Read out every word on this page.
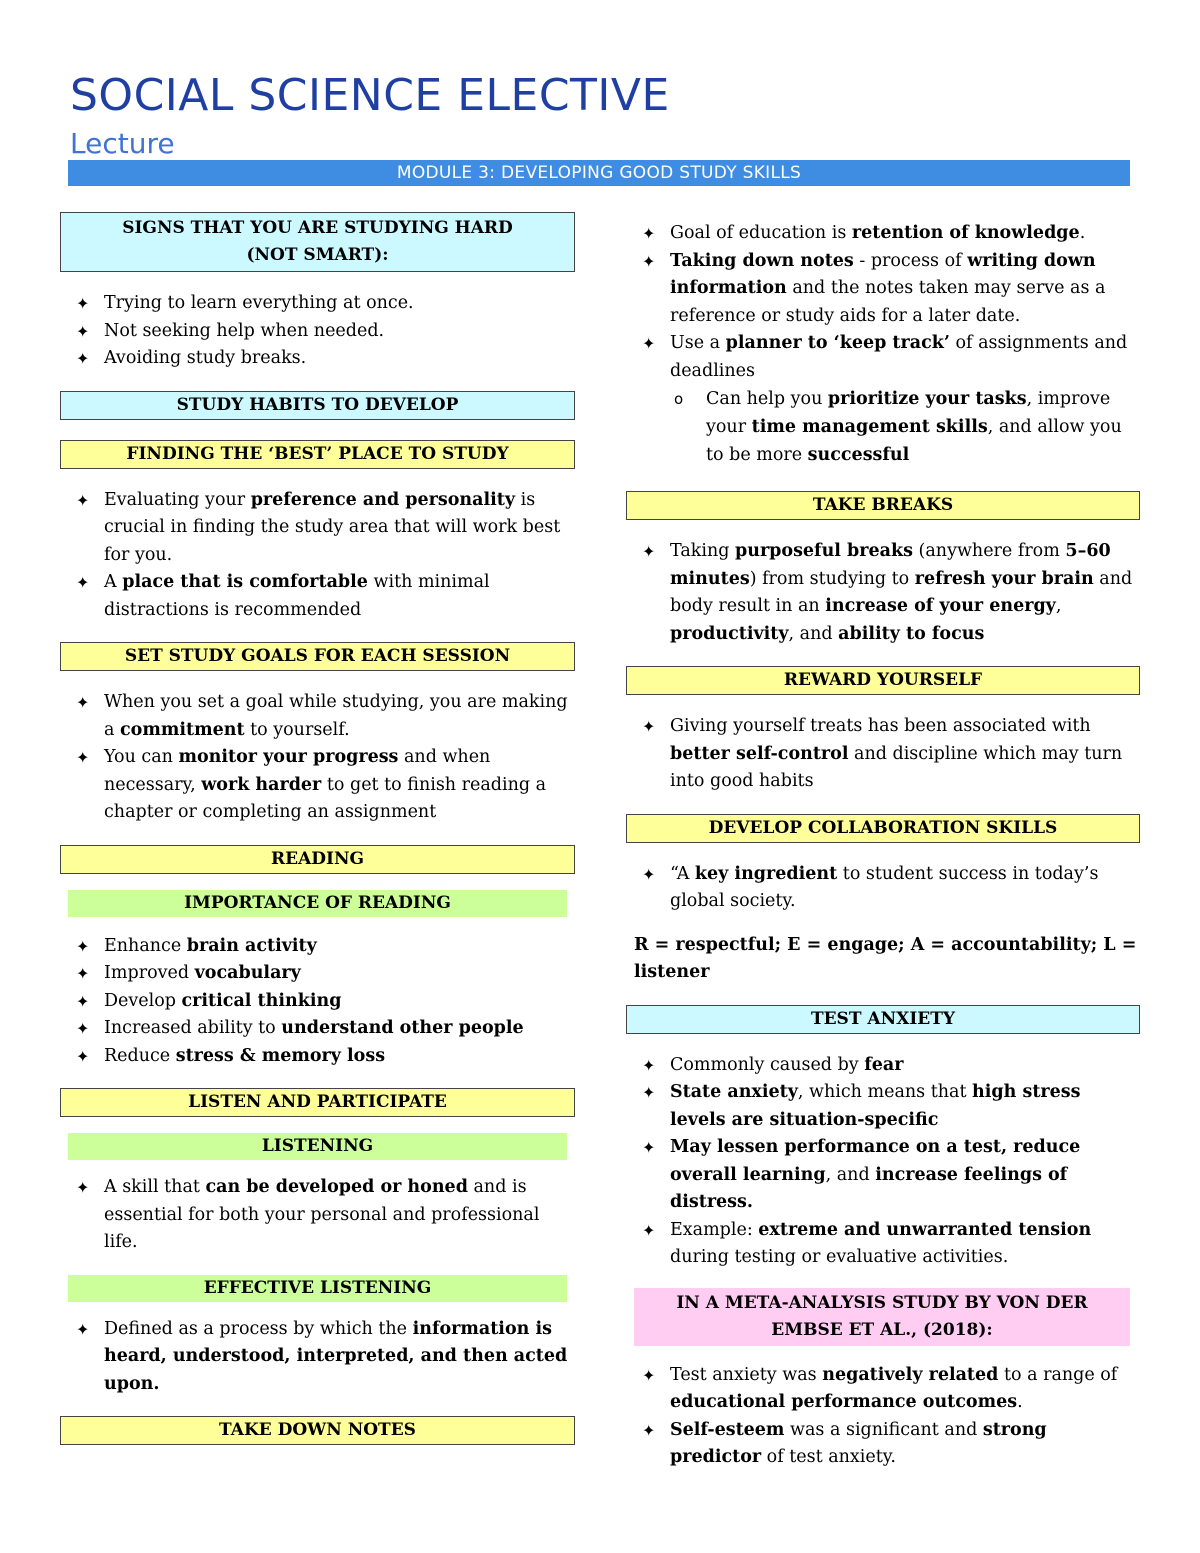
SOCIAL SCIENCE ELECTIVE
Lecture
MODULE 3: DEVELOPING GOOD STUDY SKILLS
SIGNS THAT YOU ARE STUDYING HARD (NOT SMART):
✦ Trying to learn everything at once.
✦ Not seeking help when needed.
✦ Avoiding study breaks.
STUDY HABITS TO DEVELOP
FINDING THE ‘BEST’ PLACE TO STUDY
✦ Evaluating your preference and personality is crucial in finding the study area that will work best for you.
✦ A place that is comfortable with minimal distractions is recommended
SET STUDY GOALS FOR EACH SESSION
✦ When you set a goal while studying, you are making a commitment to yourself.
✦ You can monitor your progress and when necessary, work harder to get to finish reading a chapter or completing an assignment
READING
IMPORTANCE OF READING
✦ Enhance brain activity
✦ Improved vocabulary
✦ Develop critical thinking
✦ Increased ability to understand other people
✦ Reduce stress & memory loss
LISTEN AND PARTICIPATE
LISTENING
✦ A skill that can be developed or honed and is essential for both your personal and professional life.
EFFECTIVE LISTENING
✦ Defined as a process by which the information is heard, understood, interpreted, and then acted upon.
TAKE DOWN NOTES
✦ Goal of education is retention of knowledge.
✦ Taking down notes - process of writing down information and the notes taken may serve as a reference or study aids for a later date.
✦ Use a planner to ‘keep track’ of assignments and deadlines
o Can help you prioritize your tasks, improve your time management skills, and allow you to be more successful
TAKE BREAKS
✦ Taking purposeful breaks (anywhere from 5–60 minutes) from studying to refresh your brain and body result in an increase of your energy, productivity, and ability to focus
REWARD YOURSELF
✦ Giving yourself treats has been associated with better self-control and discipline which may turn into good habits
DEVELOP COLLABORATION SKILLS
✦ “A key ingredient to student success in today’s global society.
R = respectful; E = engage; A = accountability; L = listener
TEST ANXIETY
✦ Commonly caused by fear
✦ State anxiety, which means that high stress levels are situation-specific
✦ May lessen performance on a test, reduce overall learning, and increase feelings of distress.
✦ Example: extreme and unwarranted tension during testing or evaluative activities.
IN A META-ANALYSIS STUDY BY VON DER EMBSE ET AL., (2018):
✦ Test anxiety was negatively related to a range of educational performance outcomes.
✦ Self-esteem was a significant and strong predictor of test anxiety.
